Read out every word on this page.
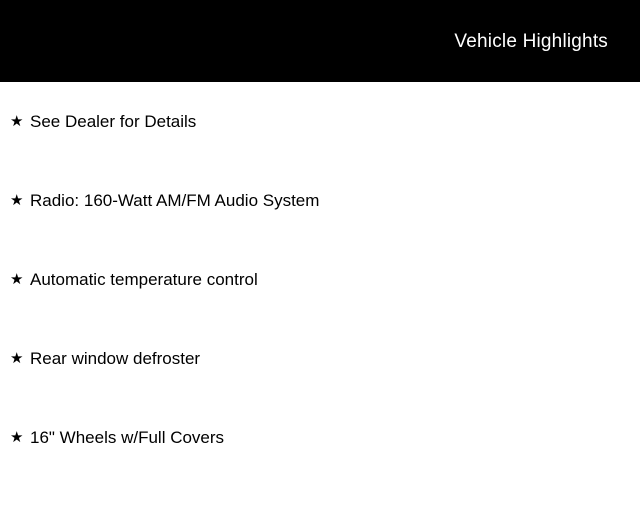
Vehicle Highlights
★ See Dealer for Details
★ Radio: 160-Watt AM/FM Audio System
★ Automatic temperature control
★ Rear window defroster
★ 16" Wheels w/Full Covers
